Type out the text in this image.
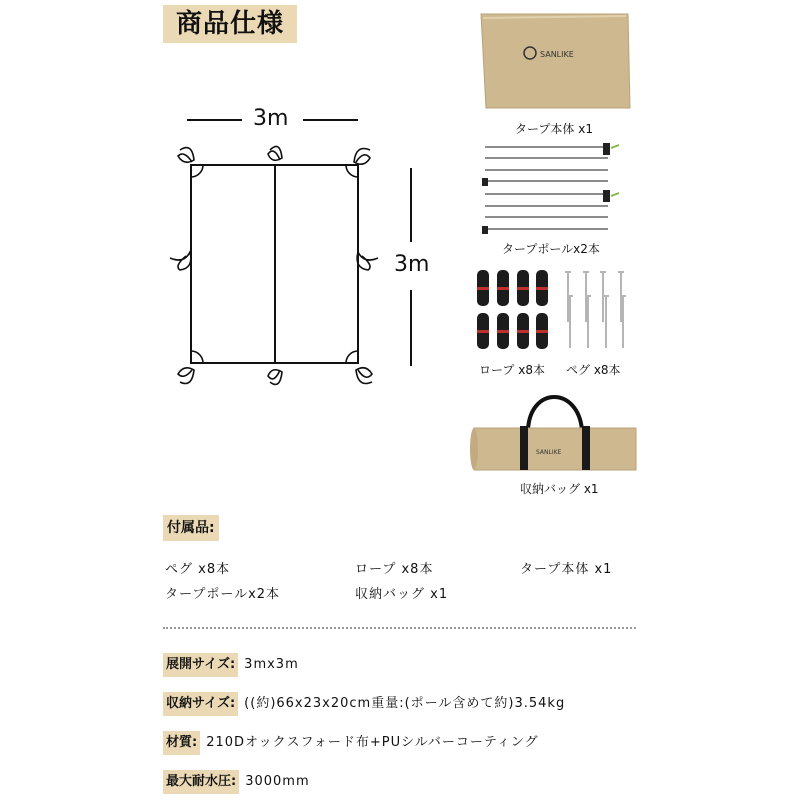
商品仕様
3m
3m
SANLIKE
タープ本体 x1
タープポールx2本
ロープ x8本 ペグ x8本
SANLIKE
収納バッグ x1
付属品:
ペグ x8本	ロープ x8本	タープ本体 x1
タープポールx2本	収納バッグ x1
展開サイズ: 3mx3m
収納サイズ: ((約)66x23x20cm重量:(ポール含めて約)3.54kg
材質: 210Dオックスフォード布+PUシルバーコーティング
最大耐水圧: 3000mm
